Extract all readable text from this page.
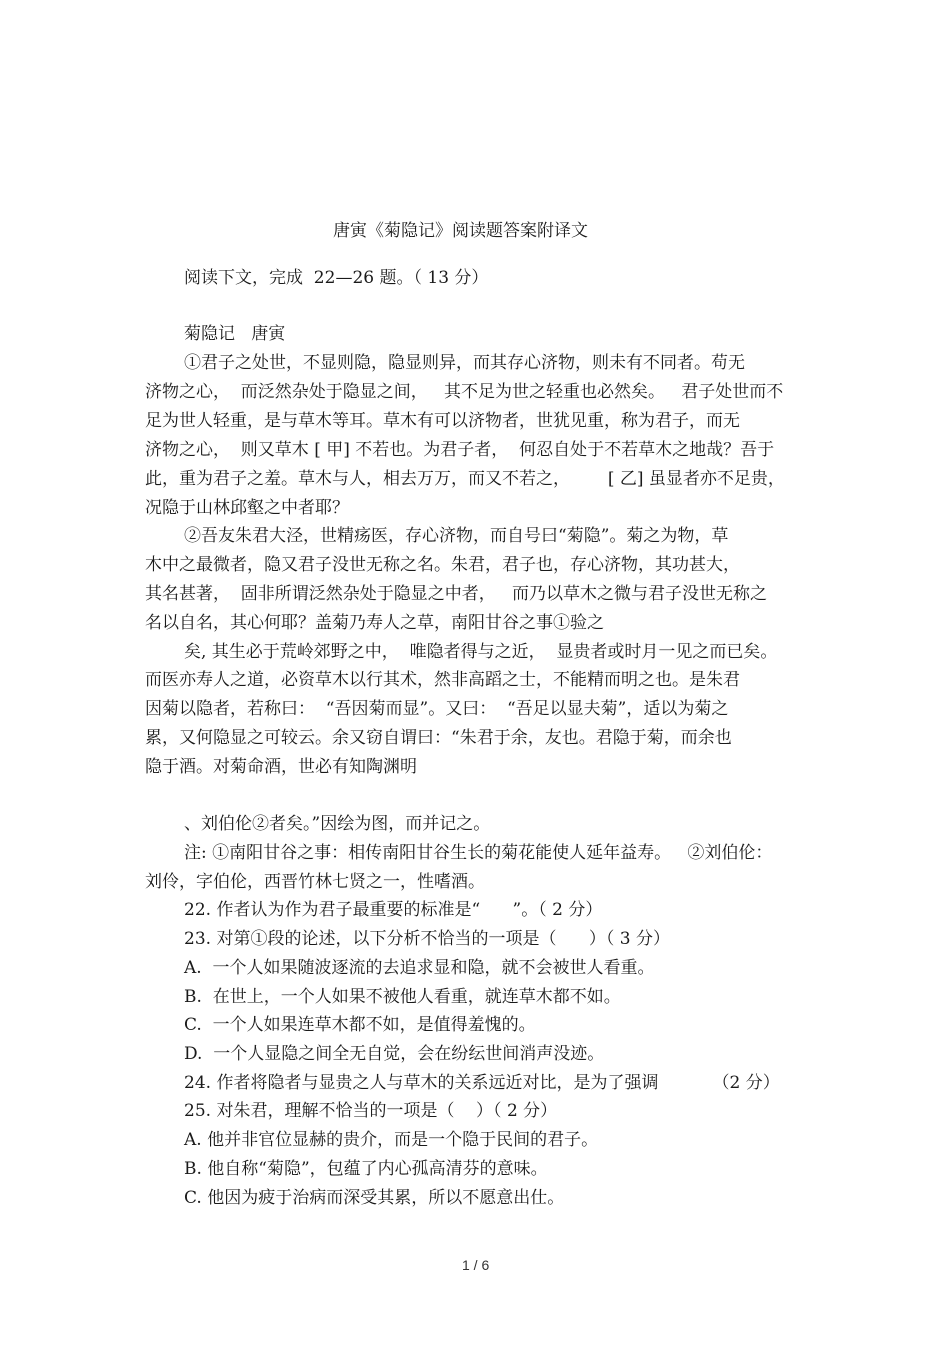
唐寅《菊隐记》阅读题答案附译文
阅读下文，完成  22—26 题。（ 13 分）
菊隐记   唐寅
①君子之处世，不显则隐，隐显则异，而其存心济物，则未有不同者。苟无
济物之心，  而泛然杂处于隐显之间，   其不足为世之轻重也必然矣。   君子处世而不
足为世人轻重，是与草木等耳。草木有可以济物者，世犹见重，称为君子，而无
济物之心，  则又草木 [ 甲] 不若也。为君子者，  何忍自处于不若草木之地哉？吾于
此，重为君子之羞。草木与人，相去万万，而又不若之，       [ 乙] 虽显者亦不足贵，
况隐于山林邱壑之中者耶？
②吾友朱君大泾，世精疡医，存心济物，而自号曰“菊隐”。菊之为物，草
木中之最微者，隐又君子没世无称之名。朱君，君子也，存心济物，其功甚大，
其名甚著，  固非所谓泛然杂处于隐显之中者，   而乃以草木之微与君子没世无称之
名以自名，其心何耶？盖菊乃寿人之草，南阳甘谷之事①验之
矣, 其生必于荒岭郊野之中，  唯隐者得与之近，  显贵者或时月一见之而已矣。
而医亦寿人之道，必资草木以行其术，然非高蹈之士，不能精而明之也。是朱君
因菊以隐者，若称曰：  “吾因菊而显”。又曰：  “吾足以显夫菊”，适以为菊之
累，又何隐显之可较云。余又窃自谓曰：“朱君于余，友也。君隐于菊，而余也
隐于酒。对菊命酒，世必有知陶渊明
、刘伯伦②者矣。”因绘为图，而并记之。
注: ①南阳甘谷之事：相传南阳甘谷生长的菊花能使人延年益寿。   ②刘伯伦：
刘伶，字伯伦，西晋竹林七贤之一，性嗜酒。
22. 作者认为作为君子最重要的标准是“      ”。（ 2 分）
23. 对第①段的论述，以下分析不恰当的一项是（      ）（ 3 分）
A.  一个人如果随波逐流的去追求显和隐，就不会被世人看重。
B.  在世上，一个人如果不被他人看重，就连草木都不如。
C.  一个人如果连草木都不如，是值得羞愧的。
D.  一个人显隐之间全无自觉，会在纷纭世间消声没迹。
24. 作者将隐者与显贵之人与草木的关系远近对比，是为了强调          （2 分）
25. 对朱君，理解不恰当的一项是（    ）（ 2 分）
A. 他并非官位显赫的贵介，而是一个隐于民间的君子。
B. 他自称“菊隐”，包蕴了内心孤高清芬的意味。
C. 他因为疲于治病而深受其累，所以不愿意出仕。
1 / 6
